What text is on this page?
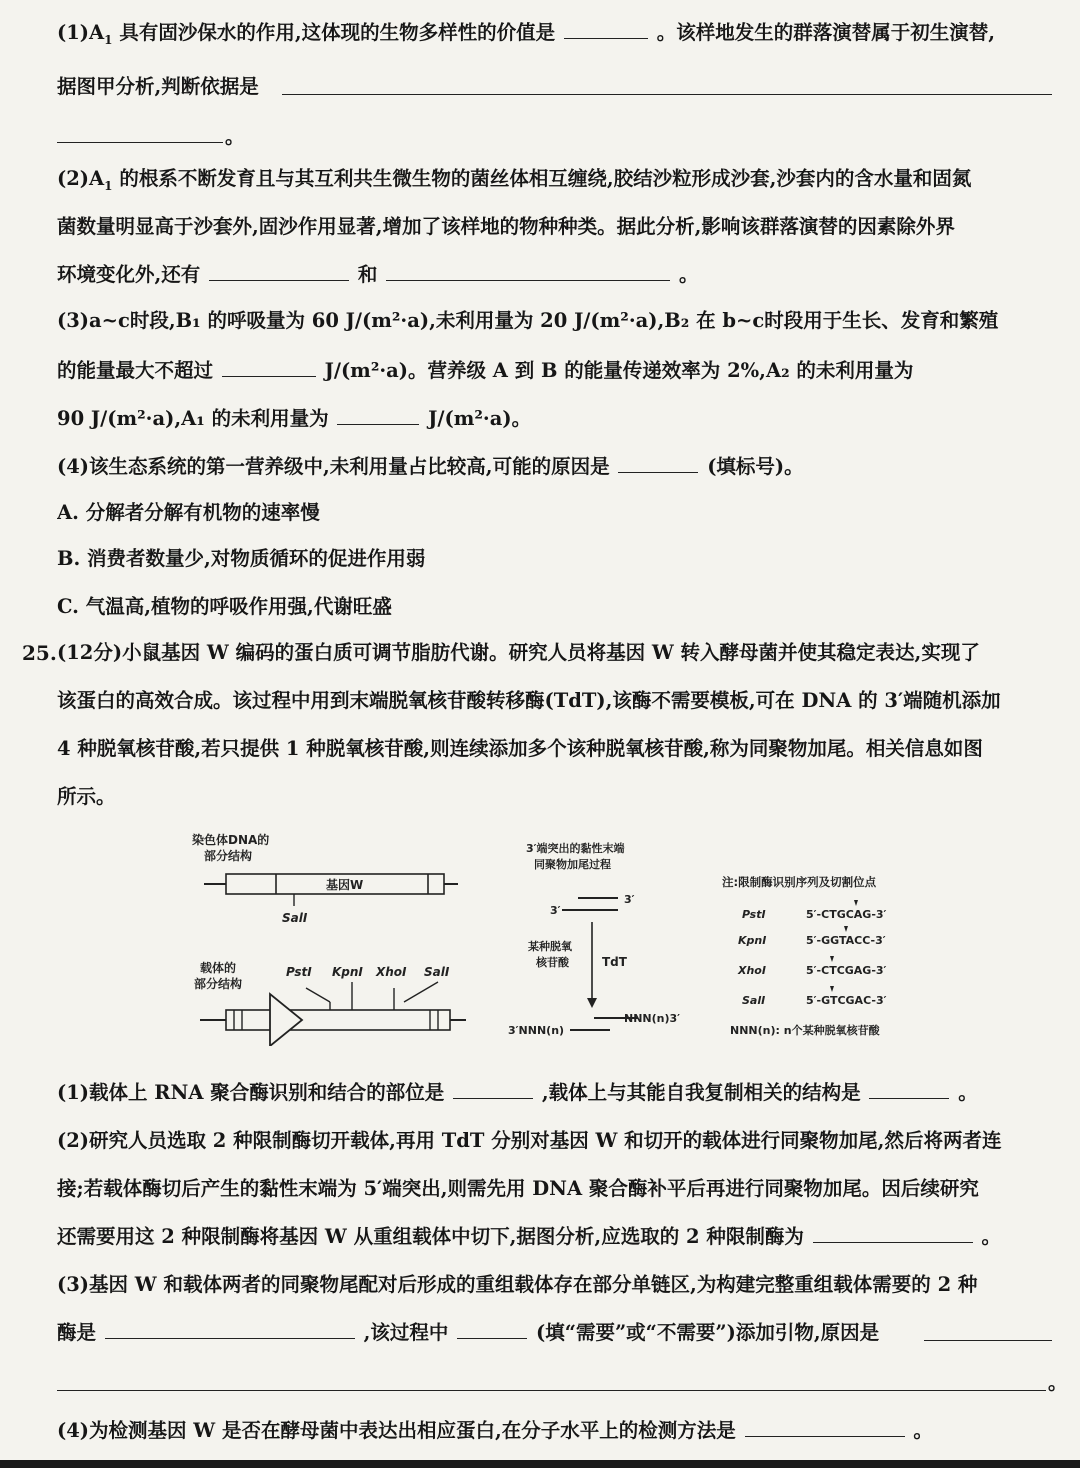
$(1)A_1$ 具有固沙保水的作用,这体现的生物多样性的价值是	。该样地发生的群落演替属于初生演替,
据图甲分析,判断依据是
。
$(2)A_1$ 的根系不断发育且与其互利共生微生物的菌丝体相互缠绕,胶结沙粒形成沙套,沙套内的含水量和固氮
菌数量明显高于沙套外,固沙作用显著,增加了该样地的物种种类。据此分析,影响该群落演替的因素除外界
环境变化外,还有	和	。
(3)a~c时段,B₁ 的呼吸量为 60 J/(m²·a),未利用量为 20 J/(m²·a),B₂ 在 b~c时段用于生长、发育和繁殖
的能量最大不超过	J/(m²·a)。营养级 A 到 B 的能量传递效率为 2%,A₂ 的未利用量为
90 J/(m²·a),A₁ 的未利用量为	J/(m²·a)。
(4)该生态系统的第一营养级中,未利用量占比较高,可能的原因是	(填标号)。
A. 分解者分解有机物的速率慢
B. 消费者数量少,对物质循环的促进作用弱
C. 气温高,植物的呼吸作用强,代谢旺盛
25. (12分)小鼠基因 W 编码的蛋白质可调节脂肪代谢。研究人员将基因 W 转入酵母菌并使其稳定表达,实现了
该蛋白的高效合成。该过程中用到末端脱氧核苷酸转移酶(TdT),该酶不需要模板,可在 DNA 的 3′端随机添加
4 种脱氧核苷酸,若只提供 1 种脱氧核苷酸,则连续添加多个该种脱氧核苷酸,称为同聚物加尾。相关信息如图
所示。
染色体DNA的
部分结构
基因W
SalⅠ
载体的
部分结构
PstⅠ KpnⅠ XhoⅠ SalⅠ
3′端突出的黏性末端
同聚物加尾过程
3′
3′
某种脱氧
核苷酸	TdT
NNN(n)3′
3′NNN(n)
注:限制酶识别序列及切割位点
PstⅠ	5′-CTGCAG-3′
KpnⅠ	5′-GGTACC-3′
XhoⅠ	5′-CTCGAG-3′
SalⅠ	5′-GTCGAC-3′
NNN(n): n个某种脱氧核苷酸
(1)载体上 RNA 聚合酶识别和结合的部位是	,载体上与其能自我复制相关的结构是	。
(2)研究人员选取 2 种限制酶切开载体,再用 TdT 分别对基因 W 和切开的载体进行同聚物加尾,然后将两者连
接;若载体酶切后产生的黏性末端为 5′端突出,则需先用 DNA 聚合酶补平后再进行同聚物加尾。因后续研究
还需要用这 2 种限制酶将基因 W 从重组载体中切下,据图分析,应选取的 2 种限制酶为	。
(3)基因 W 和载体两者的同聚物尾配对后形成的重组载体存在部分单链区,为构建完整重组载体需要的 2 种
酶是	,该过程中	(填“需要”或“不需要”)添加引物,原因是
。
(4)为检测基因 W 是否在酵母菌中表达出相应蛋白,在分子水平上的检测方法是	。
